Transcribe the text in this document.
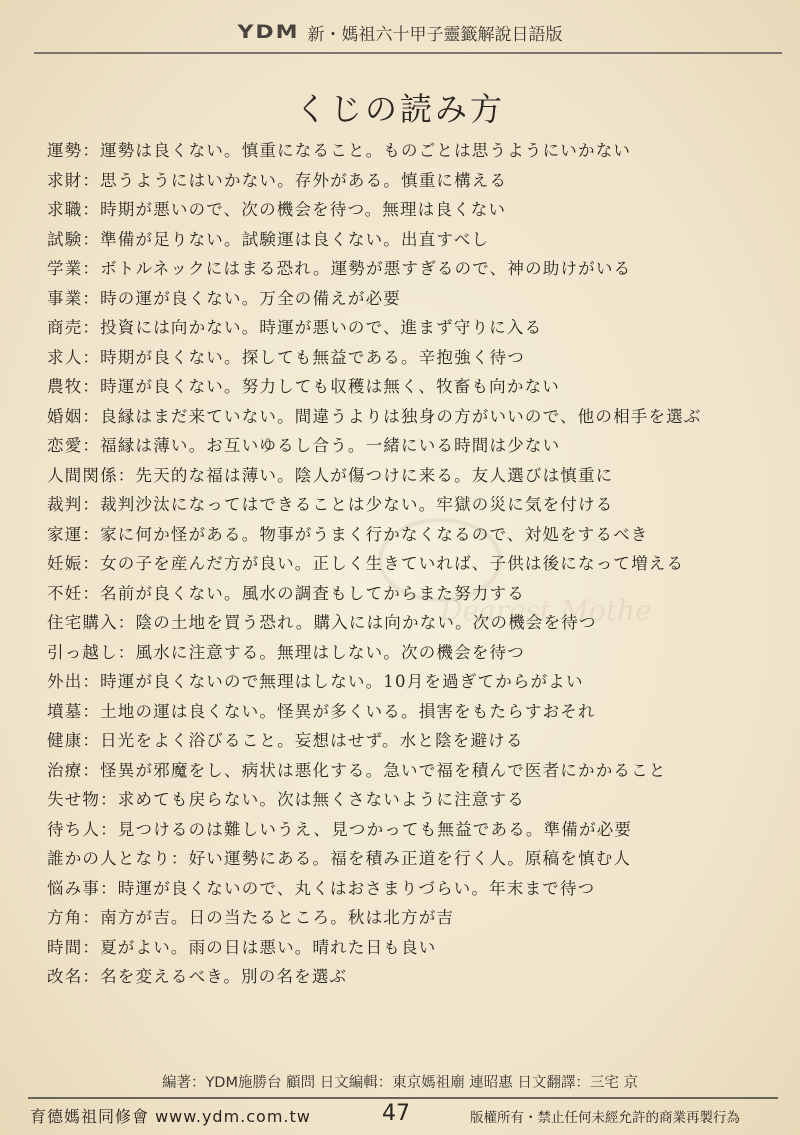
Dearest Mother
YDM 新・媽祖六十甲子靈籤解說日語版
くじの読み方
運勢：運勢は良くない。慎重になること。ものごとは思うようにいかない
求財：思うようにはいかない。存外がある。慎重に構える
求職：時期が悪いので、次の機会を待つ。無理は良くない
試験：準備が足りない。試験運は良くない。出直すべし
学業：ボトルネックにはまる恐れ。運勢が悪すぎるので、神の助けがいる
事業：時の運が良くない。万全の備えが必要
商売：投資には向かない。時運が悪いので、進まず守りに入る
求人：時期が良くない。探しても無益である。辛抱強く待つ
農牧：時運が良くない。努力しても収穫は無く、牧畜も向かない
婚姻：良縁はまだ来ていない。間違うよりは独身の方がいいので、他の相手を選ぶ
恋愛：福縁は薄い。お互いゆるし合う。一緒にいる時間は少ない
人間関係：先天的な福は薄い。陰人が傷つけに来る。友人選びは慎重に
裁判：裁判沙汰になってはできることは少ない。牢獄の災に気を付ける
家運：家に何か怪がある。物事がうまく行かなくなるので、対処をするべき
妊娠：女の子を産んだ方が良い。正しく生きていれば、子供は後になって増える
不妊：名前が良くない。風水の調査もしてからまた努力する
住宅購入：陰の土地を買う恐れ。購入には向かない。次の機会を待つ
引っ越し：風水に注意する。無理はしない。次の機会を待つ
外出：時運が良くないので無理はしない。10月を過ぎてからがよい
墳墓：土地の運は良くない。怪異が多くいる。損害をもたらすおそれ
健康：日光をよく浴びること。妄想はせず。水と陰を避ける
治療：怪異が邪魔をし、病状は悪化する。急いで福を積んで医者にかかること
失せ物：求めても戻らない。次は無くさないように注意する
待ち人：見つけるのは難しいうえ、見つかっても無益である。準備が必要
誰かの人となり：好い運勢にある。福を積み正道を行く人。原稿を慎む人
悩み事：時運が良くないので、丸くはおさまりづらい。年末まで待つ
方角：南方が吉。日の当たるところ。秋は北方が吉
時間：夏がよい。雨の日は悪い。晴れた日も良い
改名：名を変えるべき。別の名を選ぶ
編著：YDM施勝台 顧問 日文編輯：東京媽祖廟 連昭惠 日文翻譯：三宅 京
育德媽祖同修會 www.ydm.com.tw	47	版權所有・禁止任何未經允許的商業再製行為
